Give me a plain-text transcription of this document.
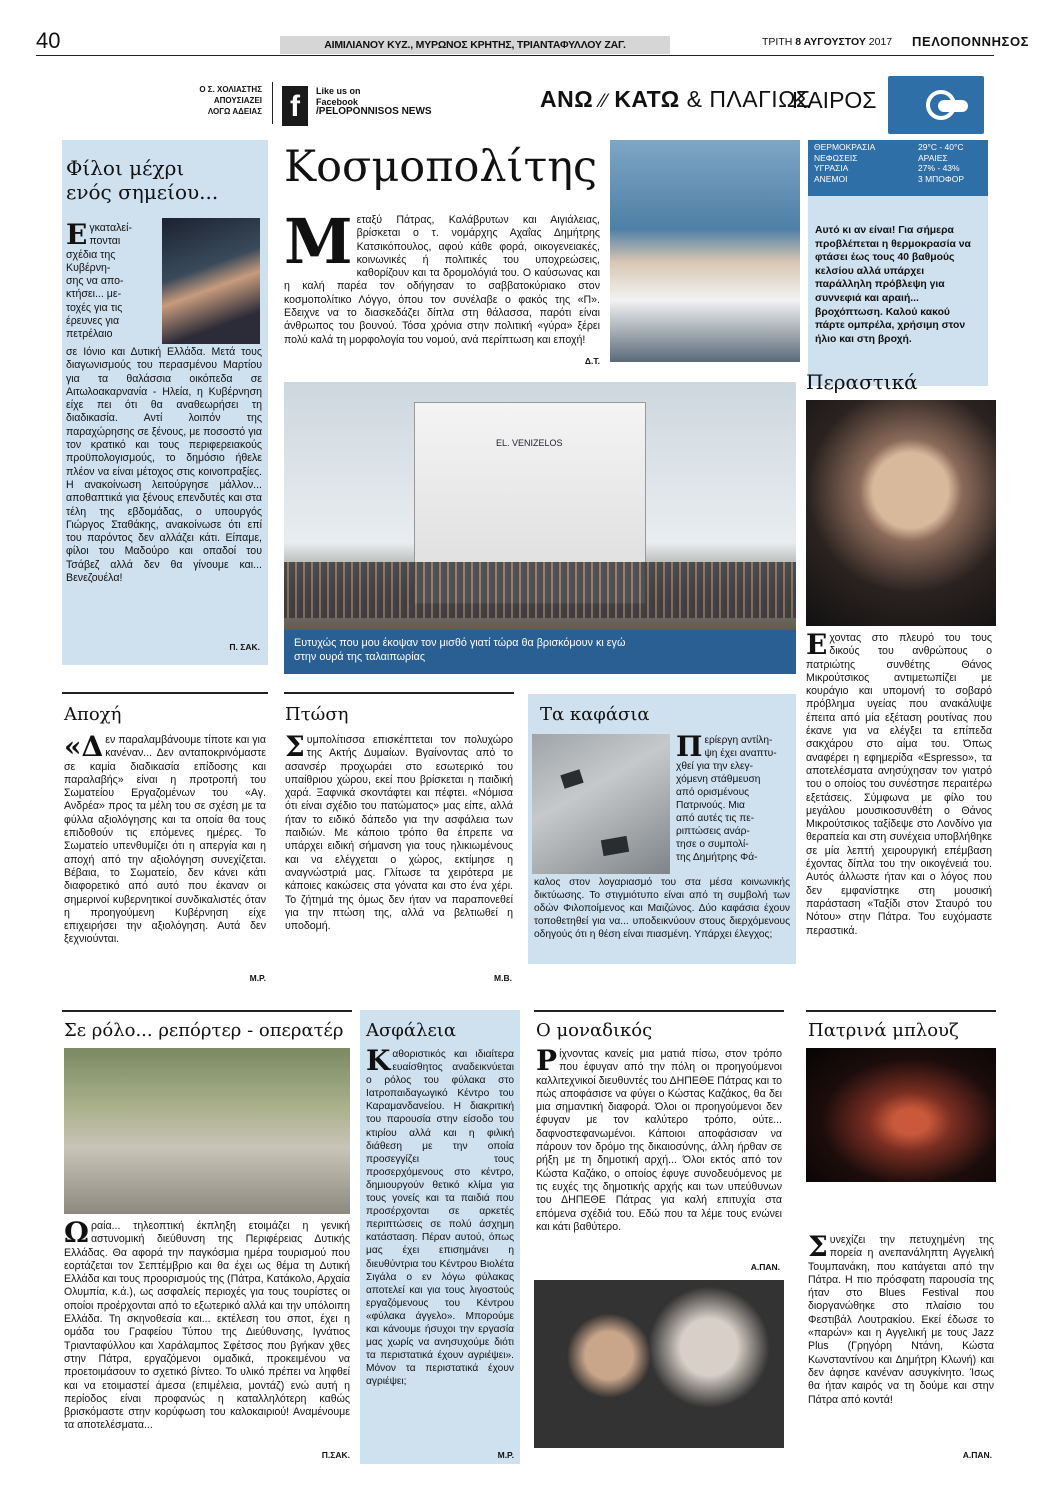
40	ΑΙΜΙΛΙΑΝΟΥ ΚΥΖ., ΜΥΡΩΝΟΣ ΚΡΗΤΗΣ, ΤΡΙΑΝΤΑΦΥΛΛΟΥ ΖΑΓ.	ΤΡΙΤΗ 8 ΑΥΓΟΥΣΤΟΥ 2017 ΠΕΛΟΠΟΝΝΗΣΟΣ
Ο Σ. ΧΟΛΙΑΣΤΗΣ
ΑΠΟΥΣΙΑΖΕΙ
ΛΟΓΩ ΑΔΕΙΑΣ f	Like us on
Facebook
/PELOPONNISOS NEWS	ΑΝΩ ⁄⁄ ΚΑΤΩ & ΠΛΑΓΙΩΣ
ΚΑΙΡΟΣ
ΘΕΡΜΟΚΡΑΣΙΑ	29°C - 40°C
ΝΕΦΩΣΕΙΣ	ΑΡΑΙΕΣ
ΥΓΡΑΣΙΑ	27% - 43%
ΑΝΕΜΟΙ	3 ΜΠΟΦΟΡ
Αυτό κι αν είναι! Για σήμερα προβλέπεται η θερμοκρασία να φτάσει έως τους 40 βαθμούς κελσίου αλλά υπάρχει παράλληλη πρόβλεψη για συννεφιά και αραιή... βροχόπτωση. Καλού κακού πάρτε ομπρέλα, χρήσιμη στον ήλιο και στη βροχή.
Φίλοι μέχρι
ενός σημείου...
Ε γκαταλεί-
πονται
σχέδια της
Κυβέρνη-
σης να απο-
κτήσει... με-
τοχές για τις
έρευνες για
πετρέλαιο
σε Ιόνιο και Δυτική Ελλάδα. Μετά τους διαγωνισμούς του περασμένου Μαρτίου για τα θαλάσσια οικόπεδα σε Αιτωλοακαρνανία - Ηλεία, η Κυβέρνηση είχε πει ότι θα αναθεωρήσει τη διαδικασία. Αντί λοιπόν της παραχώρησης σε ξένους, με ποσοστό για τον κρατικό και τους περιφερειακούς προϋπολογισμούς, το δημόσιο ήθελε πλέον να είναι μέτοχος στις κοινοπραξίες. Η ανακοίνωση λειτούργησε μάλλον... αποθαπτικά για ξένους επενδυτές και στα τέλη της εβδομάδας, ο υπουργός Γιώργος Σταθάκης, ανακοίνωσε ότι επί του παρόντος δεν αλλάζει κάτι. Είπαμε, φίλοι του Μαδούρο και οπαδοί του Τσάβεζ αλλά δεν θα γίνουμε και... Βενεζουέλα!
Π. ΣΑΚ.
Κοσμοπολίτης
Μ εταξύ Πάτρας, Καλάβρυτων και Αιγιάλειας, βρίσκεται ο τ. νομάρχης Αχαΐας Δημήτρης Κατσικόπουλος, αφού κάθε φορά, οικογενειακές, κοινωνικές ή πολιτικές του υποχρεώσεις, καθορίζουν και τα δρομολόγιά του. Ο καύσωνας και η καλή παρέα τον οδήγησαν το σαββατοκύριακο στον κοσμοπολίτικο Λόγγο, όπου τον συνέλαβε ο φακός της «Π». Εδειχνε να το διασκεδάζει δίπλα στη θάλασσα, παρότι είναι άνθρωπος του βουνού. Τόσα χρόνια στην πολιτική «γύρα» ξέρει πολύ καλά τη μορφολογία του νομού, ανά περίπτωση και εποχή!
Δ.Τ.
EL. VENIZELOS
Ευτυχώς που μου έκοψαν τον μισθό γιατί τώρα θα βρισκόμουν κι εγώ στην ουρά της ταλαιπωρίας
Περαστικά
Ε χοντας στο πλευρό του τους δικούς του ανθρώπους ο πατριώτης συνθέτης Θάνος Μικρούτσικος αντιμετωπίζει με κουράγιο και υπομονή το σοβαρό πρόβλημα υγείας που ανακάλυψε έπειτα από μία εξέταση ρουτίνας που έκανε για να ελέγξει τα επίπεδα σακχάρου στο αίμα του. Όπως αναφέρει η εφημερίδα «Espresso», τα αποτελέσματα ανησύχησαν τον γιατρό του ο οποίος του συνέστησε περαιτέρω εξετάσεις. Σύμφωνα με φίλο του μεγάλου μουσικοσυνθέτη ο Θάνος Μικρούτσικος ταξίδεψε στο Λονδίνο για θεραπεία και στη συνέχεια υποβλήθηκε σε μία λεπτή χειρουργική επέμβαση έχοντας δίπλα του την οικογένειά του. Αυτός άλλωστε ήταν και ο λόγος που δεν εμφανίστηκε στη μουσική παράσταση «Ταξίδι στον Σταυρό του Νότου» στην Πάτρα. Του ευχόμαστε περαστικά.
Αποχή
«Δ εν παραλαμβάνουμε τίποτε και για κανέναν... Δεν ανταποκρινόμαστε σε καμία διαδικασία επίδοσης και παραλαβής» είναι η προτροπή του Σωματείου Εργαζομένων του «Αγ. Ανδρέα» προς τα μέλη του σε σχέση με τα φύλλα αξιολόγησης και τα οποία θα τους επιδοθούν τις επόμενες ημέρες. Το Σωματείο υπενθυμίζει ότι η απεργία και η αποχή από την αξιολόγηση συνεχίζεται. Βέβαια, το Σωματείο, δεν κάνει κάτι διαφορετικό από αυτό που έκαναν οι σημερινοί κυβερνητικοί συνδικαλιστές όταν η προηγούμενη Κυβέρνηση είχε επιχειρήσει την αξιολόγηση. Αυτά δεν ξεχνιούνται.
Μ.Ρ.
Πτώση
Σ υμπολίτισσα επισκέπτεται τον πολυχώρο της Ακτής Δυμαίων. Βγαίνοντας από το ασανσέρ προχωράει στο εσωτερικό του υπαίθριου χώρου, εκεί που βρίσκεται η παιδική χαρά. Ξαφνικά σκοντάφτει και πέφτει. «Νόμισα ότι είναι σχέδιο του πατώματος» μας είπε, αλλά ήταν το ειδικό δάπεδο για την ασφάλεια των παιδιών. Με κάποιο τρόπο θα έπρεπε να υπάρχει ειδική σήμανση για τους ηλικιωμένους και να ελέγχεται ο χώρος, εκτίμησε η αναγνώστριά μας. Γλίτωσε τα χειρότερα με κάποιες κακώσεις στα γόνατα και στο ένα χέρι. Το ζήτημά της όμως δεν ήταν να παραπονεθεί για την πτώση της, αλλά να βελτιωθεί η υποδομή.
Μ.Β.
Τα καφάσια
Π ερίεργη αντίλη-
ψη έχει αναπτυ-
χθεί για την ελεγ-
χόμενη στάθμευση
από ορισμένους
Πατρινούς. Μια
από αυτές τις πε-
ριπτώσεις ανάρ-
τησε ο συμπολί-
της Δημήτρης Φά-
καλος στον λογαριασμό του στα μέσα κοινωνικής δικτύωσης. Το στιγμιότυπο είναι από τη συμβολή των οδών Φιλοποίμενος και Μαιζώνος. Δύο καφάσια έχουν τοποθετηθεί για να... υποδεικνύουν στους διερχόμενους οδηγούς ότι η θέση είναι πιασμένη. Υπάρχει έλεγχος;
Σε ρόλο... ρεπόρτερ - οπερατέρ
Ω ραία... τηλεοπτική έκπληξη ετοιμάζει η γενική αστυνομική διεύθυνση της Περιφέρειας Δυτικής Ελλάδας. Θα αφορά την παγκόσμια ημέρα τουρισμού που εορτάζεται τον Σεπτέμβριο και θα έχει ως θέμα τη Δυτική Ελλάδα και τους προορισμούς της (Πάτρα, Κατάκολο, Αρχαία Ολυμπία, κ.ά.), ως ασφαλείς περιοχές για τους τουρίστες οι οποίοι προέρχονται από το εξωτερικό αλλά και την υπόλοιπη Ελλάδα. Τη σκηνοθεσία και... εκτέλεση του σποτ, έχει η ομάδα του Γραφείου Τύπου της Διεύθυνσης, Ιγνάτιος Τριανταφύλλου και Χαράλαμπος Σφέτσος που βγήκαν χθες στην Πάτρα, εργαζόμενοι ομαδικά, προκειμένου να προετοιμάσουν το σχετικό βίντεο. Το υλικό πρέπει να ληφθεί και να ετοιμαστεί άμεσα (επιμέλεια, μοντάζ) ενώ αυτή η περίοδος είναι προφανώς η καταλληλότερη καθώς βρισκόμαστε στην κορύφωση του καλοκαιριού! Αναμένουμε τα αποτελέσματα...
Π.ΣΑΚ.
Ασφάλεια
Κ αθοριστικός και ιδιαίτερα ευαίσθητος αναδεικνύεται ο ρόλος του φύλακα στο Ιατροπαιδαγωγικό Κέντρο του Καραμανδανείου. Η διακριτική του παρουσία στην είσοδο του κτιρίου αλλά και η φιλική διάθεση με την οποία προσεγγίζει τους προσερχόμενους στο κέντρο, δημιουργούν θετικό κλίμα για τους γονείς και τα παιδιά που προσέρχονται σε αρκετές περιπτώσεις σε πολύ άσχημη κατάσταση. Πέραν αυτού, όπως μας έχει επισημάνει η διευθύντρια του Κέντρου Βιολέτα Σιγάλα ο εν λόγω φύλακας αποτελεί και για τους λιγοστούς εργαζόμενους του Κέντρου «φύλακα άγγελο». Μπορούμε και κάνουμε ήσυχοι την εργασία μας χωρίς να ανησυχούμε διότι τα περιστατικά έχουν αγριέψει». Μόνον τα περιστατικά έχουν αγριέψει;
Μ.Ρ.
Ο μοναδικός
Ρ ίχνοντας κανείς μια ματιά πίσω, στον τρόπο που έφυγαν από την πόλη οι προηγούμενοι καλλιτεχνικοί διευθυντές του ΔΗΠΕΘΕ Πάτρας και το πώς αποφάσισε να φύγει ο Κώστας Καζάκος, θα δει μια σημαντική διαφορά. Όλοι οι προηγούμενοι δεν έφυγαν με τον καλύτερο τρόπο, ούτε... δαφνοστεφανωμένοι. Κάποιοι αποφάσισαν να πάρουν τον δρόμο της δικαιοσύνης, άλλη ήρθαν σε ρήξη με τη δημοτική αρχή... Όλοι εκτός από τον Κώστα Καζάκο, ο οποίος έφυγε συνοδευόμενος με τις ευχές της δημοτικής αρχής και των υπεύθυνων του ΔΗΠΕΘΕ Πάτρας για καλή επιτυχία στα επόμενα σχέδιά του. Εδώ που τα λέμε τους ενώνει και κάτι βαθύτερο.
Α.ΠΑΝ.
Πατρινά μπλουζ
Σ υνεχίζει την πετυχημένη της πορεία η ανεπανάληπτη Αγγελική Τουμπανάκη, που κατάγεται από την Πάτρα. Η πιο πρόσφατη παρουσία της ήταν στο Blues Festival που διοργανώθηκε στο πλαίσιο του Φεστιβάλ Λουτρακίου. Εκεί έδωσε το «παρών» και η Αγγελική με τους Jazz Plus (Γρηγόρη Ντάνη, Κώστα Κωνσταντίνου και Δημήτρη Κλωνή) και δεν άφησε κανέναν ασυγκίνητο. Ίσως θα ήταν καιρός να τη δούμε και στην Πάτρα από κοντά!
Α.ΠΑΝ.
